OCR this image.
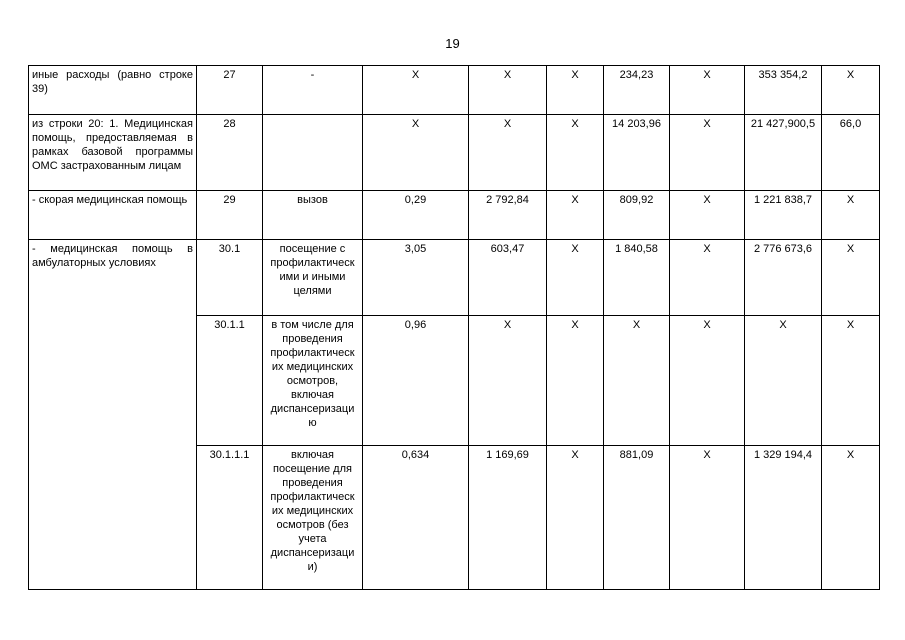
19
иные расходы (равно строке 39)	27	-	X	X	X	234,23	X	353 354,2	X
из строки 20: 1. Медицинская помощь, предоставляемая в рамках базовой программы ОМС застрахованным лицам	28		X	X	X	14 203,96	X	21 427,900,5	66,0
- скорая медицинская помощь	29	вызов	0,29	2 792,84	X	809,92	X	1 221 838,7	X
- медицинская помощь в амбулаторных условиях	30.1	посещение с профилактическ ими и иными целями	3,05	603,47	X	1 840,58	X	2 776 673,6	X
	30.1.1	в том числе для проведения профилактическ их медицинских осмотров, включая диспансеризаци ю	0,96	X	X	X	X	X	X
	30.1.1.1	включая посещение для проведения профилактическ их медицинских осмотров (без учета диспансеризаци и)	0,634	1 169,69	X	881,09	X	1 329 194,4	X
